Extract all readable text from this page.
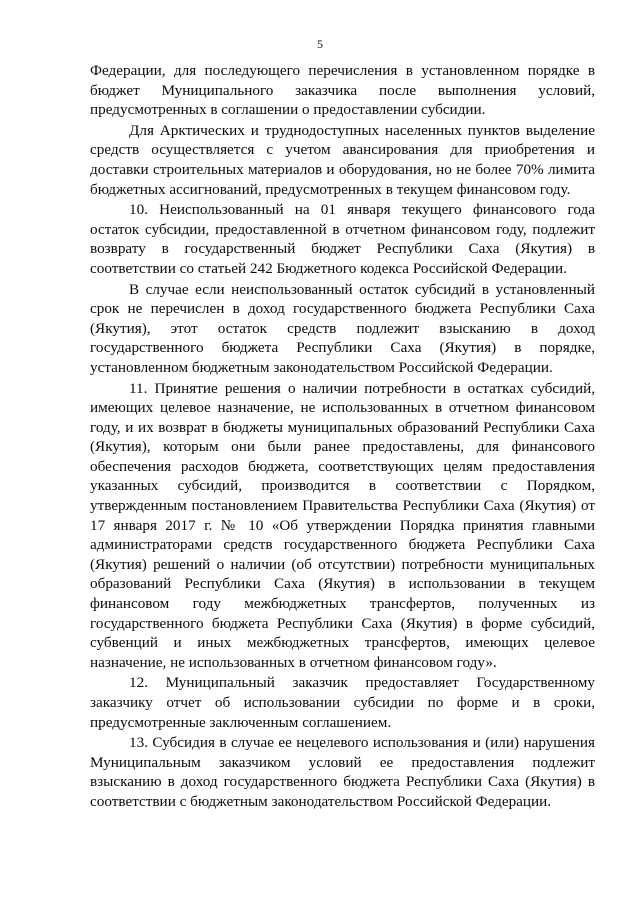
5

Федерации, для последующего перечисления в установленном порядке в бюджет Муниципального заказчика после выполнения условий, предусмотренных в соглашении о предоставлении субсидии.

Для Арктических и труднодоступных населенных пунктов выделение средств осуществляется с учетом авансирования для приобретения и доставки строительных материалов и оборудования, но не более 70% лимита бюджетных ассигнований, предусмотренных в текущем финансовом году.

10. Неиспользованный на 01 января текущего финансового года остаток субсидии, предоставленной в отчетном финансовом году, подлежит возврату в государственный бюджет Республики Саха (Якутия) в соответствии со статьей 242 Бюджетного кодекса Российской Федерации.

В случае если неиспользованный остаток субсидий в установленный срок не перечислен в доход государственного бюджета Республики Саха (Якутия), этот остаток средств подлежит взысканию в доход государственного бюджета Республики Саха (Якутия) в порядке, установленном бюджетным законодательством Российской Федерации.

11. Принятие решения о наличии потребности в остатках субсидий, имеющих целевое назначение, не использованных в отчетном финансовом году, и их возврат в бюджеты муниципальных образований Республики Саха (Якутия), которым они были ранее предоставлены, для финансового обеспечения расходов бюджета, соответствующих целям предоставления указанных субсидий, производится в соответствии с Порядком, утвержденным постановлением Правительства Республики Саха (Якутия) от 17 января 2017 г. № 10 «Об утверждении Порядка принятия главными администраторами средств государственного бюджета Республики Саха (Якутия) решений о наличии (об отсутствии) потребности муниципальных образований Республики Саха (Якутия) в использовании в текущем финансовом году межбюджетных трансфертов, полученных из государственного бюджета Республики Саха (Якутия) в форме субсидий, субвенций и иных межбюджетных трансфертов, имеющих целевое назначение, не использованных в отчетном финансовом году».

12. Муниципальный заказчик предоставляет Государственному заказчику отчет об использовании субсидии по форме и в сроки, предусмотренные заключенным соглашением.

13. Субсидия в случае ее нецелевого использования и (или) нарушения Муниципальным заказчиком условий ее предоставления подлежит взысканию в доход государственного бюджета Республики Саха (Якутия) в соответствии с бюджетным законодательством Российской Федерации.
